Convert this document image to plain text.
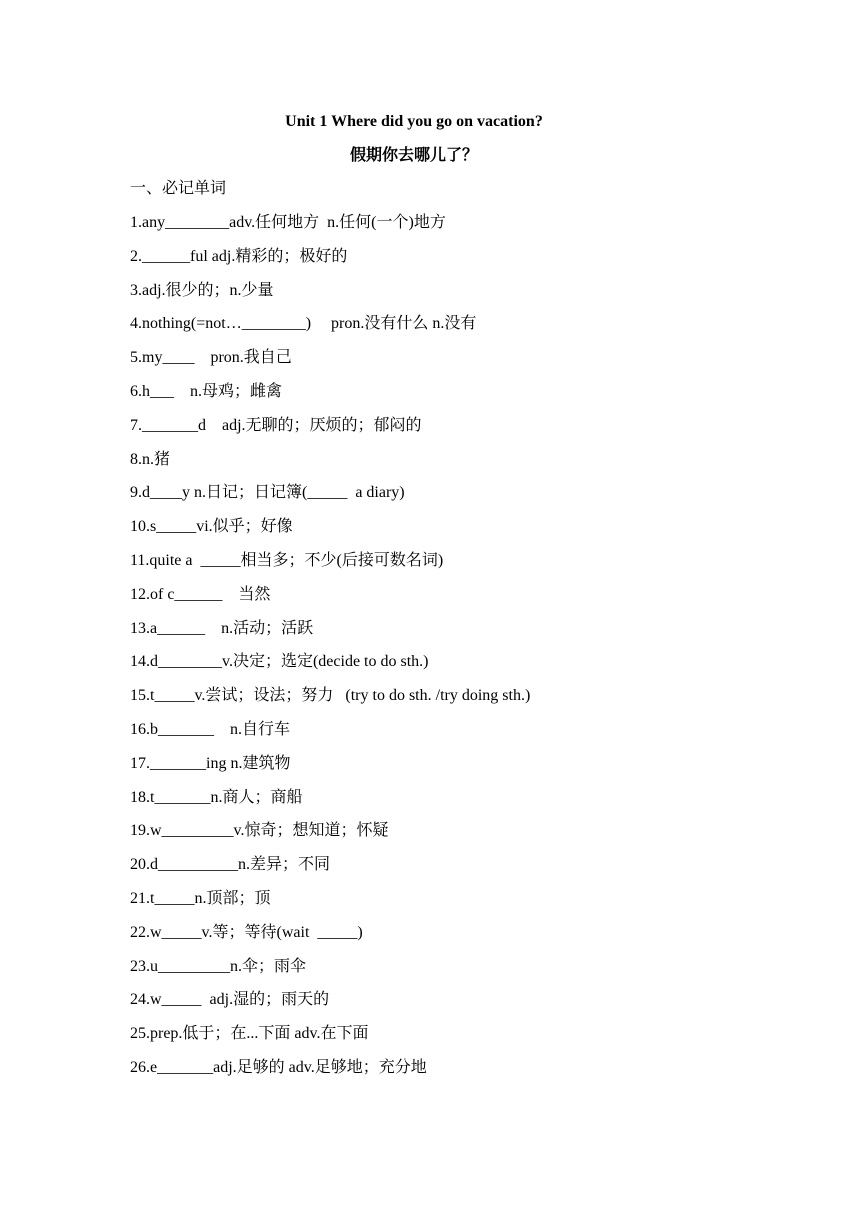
Unit 1 Where did you go on vacation?
假期你去哪儿了？
一、必记单词
1.any________adv.任何地方  n.任何(一个)地方
2.______ful adj.精彩的；极好的
3.adj.很少的；n.少量
4.nothing(=not…________)     pron.没有什么 n.没有
5.my____    pron.我自己
6.h___    n.母鸡；雌禽
7._______d    adj.无聊的；厌烦的；郁闷的
8.n.猪
9.d____y n.日记；日记簿(_____  a diary)
10.s_____vi.似乎；好像
11.quite a  _____相当多；不少(后接可数名词)
12.of c______    当然
13.a______    n.活动；活跃
14.d________v.决定；选定(decide to do sth.)
15.t_____v.尝试；设法；努力   (try to do sth. /try doing sth.)
16.b_______    n.自行车
17._______ing n.建筑物
18.t_______n.商人；商船
19.w_________v.惊奇；想知道；怀疑
20.d__________n.差异；不同
21.t_____n.顶部；顶
22.w_____v.等；等待(wait  _____)
23.u_________n.伞；雨伞
24.w_____  adj.湿的；雨天的
25.prep.低于；在...下面 adv.在下面
26.e_______adj.足够的 adv.足够地；充分地
